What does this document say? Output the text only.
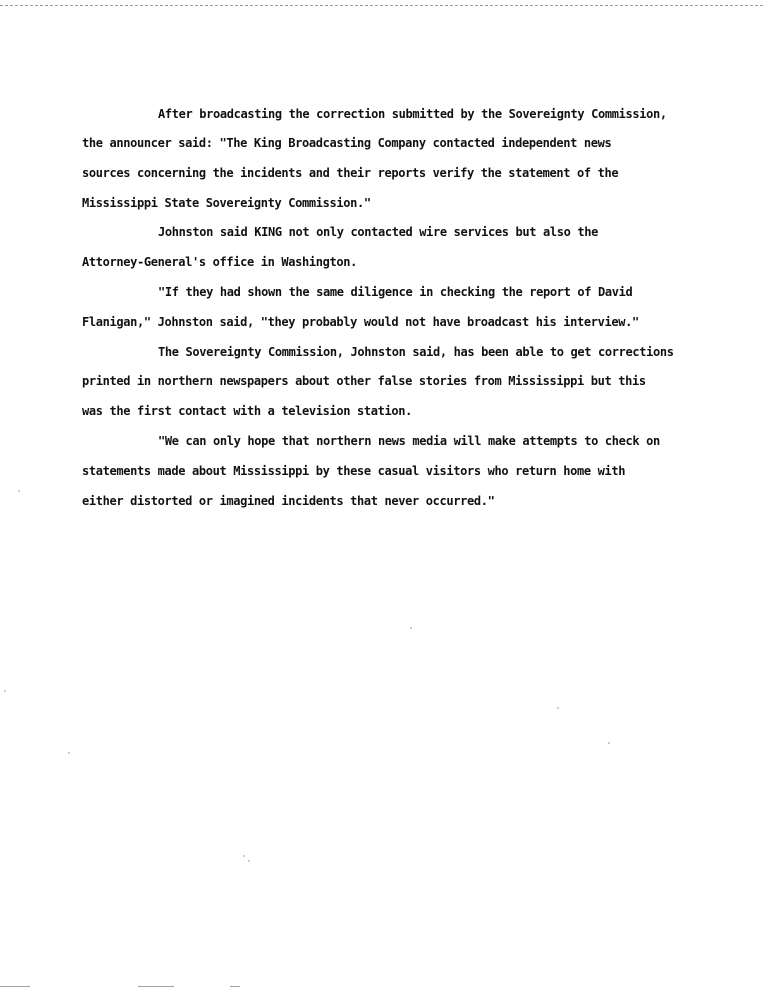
After broadcasting the correction submitted by the Sovereignty Commission,
the announcer said: "The King Broadcasting Company contacted independent news
sources concerning the incidents and their reports verify the statement of the
Mississippi State Sovereignty Commission."
Johnston said KING not only contacted wire services but also the
Attorney-General's office in Washington.
"If they had shown the same diligence in checking the report of David
Flanigan," Johnston said, "they probably would not have broadcast his interview."
The Sovereignty Commission, Johnston said, has been able to get corrections
printed in northern newspapers about other false stories from Mississippi but this
was the first contact with a television station.
"We can only hope that northern news media will make attempts to check on
statements made about Mississippi by these casual visitors who return home with
either distorted or imagined incidents that never occurred."
